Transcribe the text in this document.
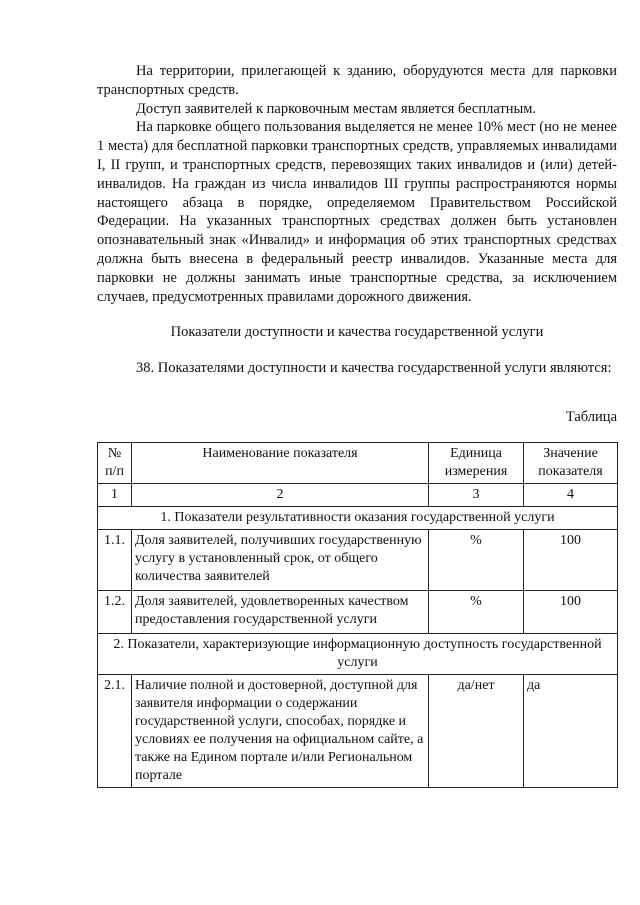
На территории, прилегающей к зданию, оборудуются места для парковки транспортных средств.

Доступ заявителей к парковочным местам является бесплатным.

На парковке общего пользования выделяется не менее 10% мест (но не менее 1 места) для бесплатной парковки транспортных средств, управляемых инвалидами I, II групп, и транспортных средств, перевозящих таких инвалидов и (или) детей-инвалидов. На граждан из числа инвалидов III группы распространяются нормы настоящего абзаца в порядке, определяемом Правительством Российской Федерации. На указанных транспортных средствах должен быть установлен опознавательный знак «Инвалид» и информация об этих транспортных средствах должна быть внесена в федеральный реестр инвалидов. Указанные места для парковки не должны занимать иные транспортные средства, за исключением случаев, предусмотренных правилами дорожного движения.

Показатели доступности и качества государственной услуги

38. Показателями доступности и качества государственной услуги являются:

Таблица
№ п/п	Наименование показателя	Единица измерения	Значение показателя
1	2	3	4
1. Показатели результативности оказания государственной услуги			
1.1.	Доля заявителей, получивших государственную услугу в установленный срок, от общего количества заявителей	%	100
1.2.	Доля заявителей, удовлетворенных качеством предоставления государственной услуги	%	100
2. Показатели, характеризующие информационную доступность государственной услуги			
2.1.	Наличие полной и достоверной, доступной для заявителя информации о содержании государственной услуги, способах, порядке и условиях ее получения на официальном сайте, а также на Едином портале и/или Региональном портале	да/нет	да
